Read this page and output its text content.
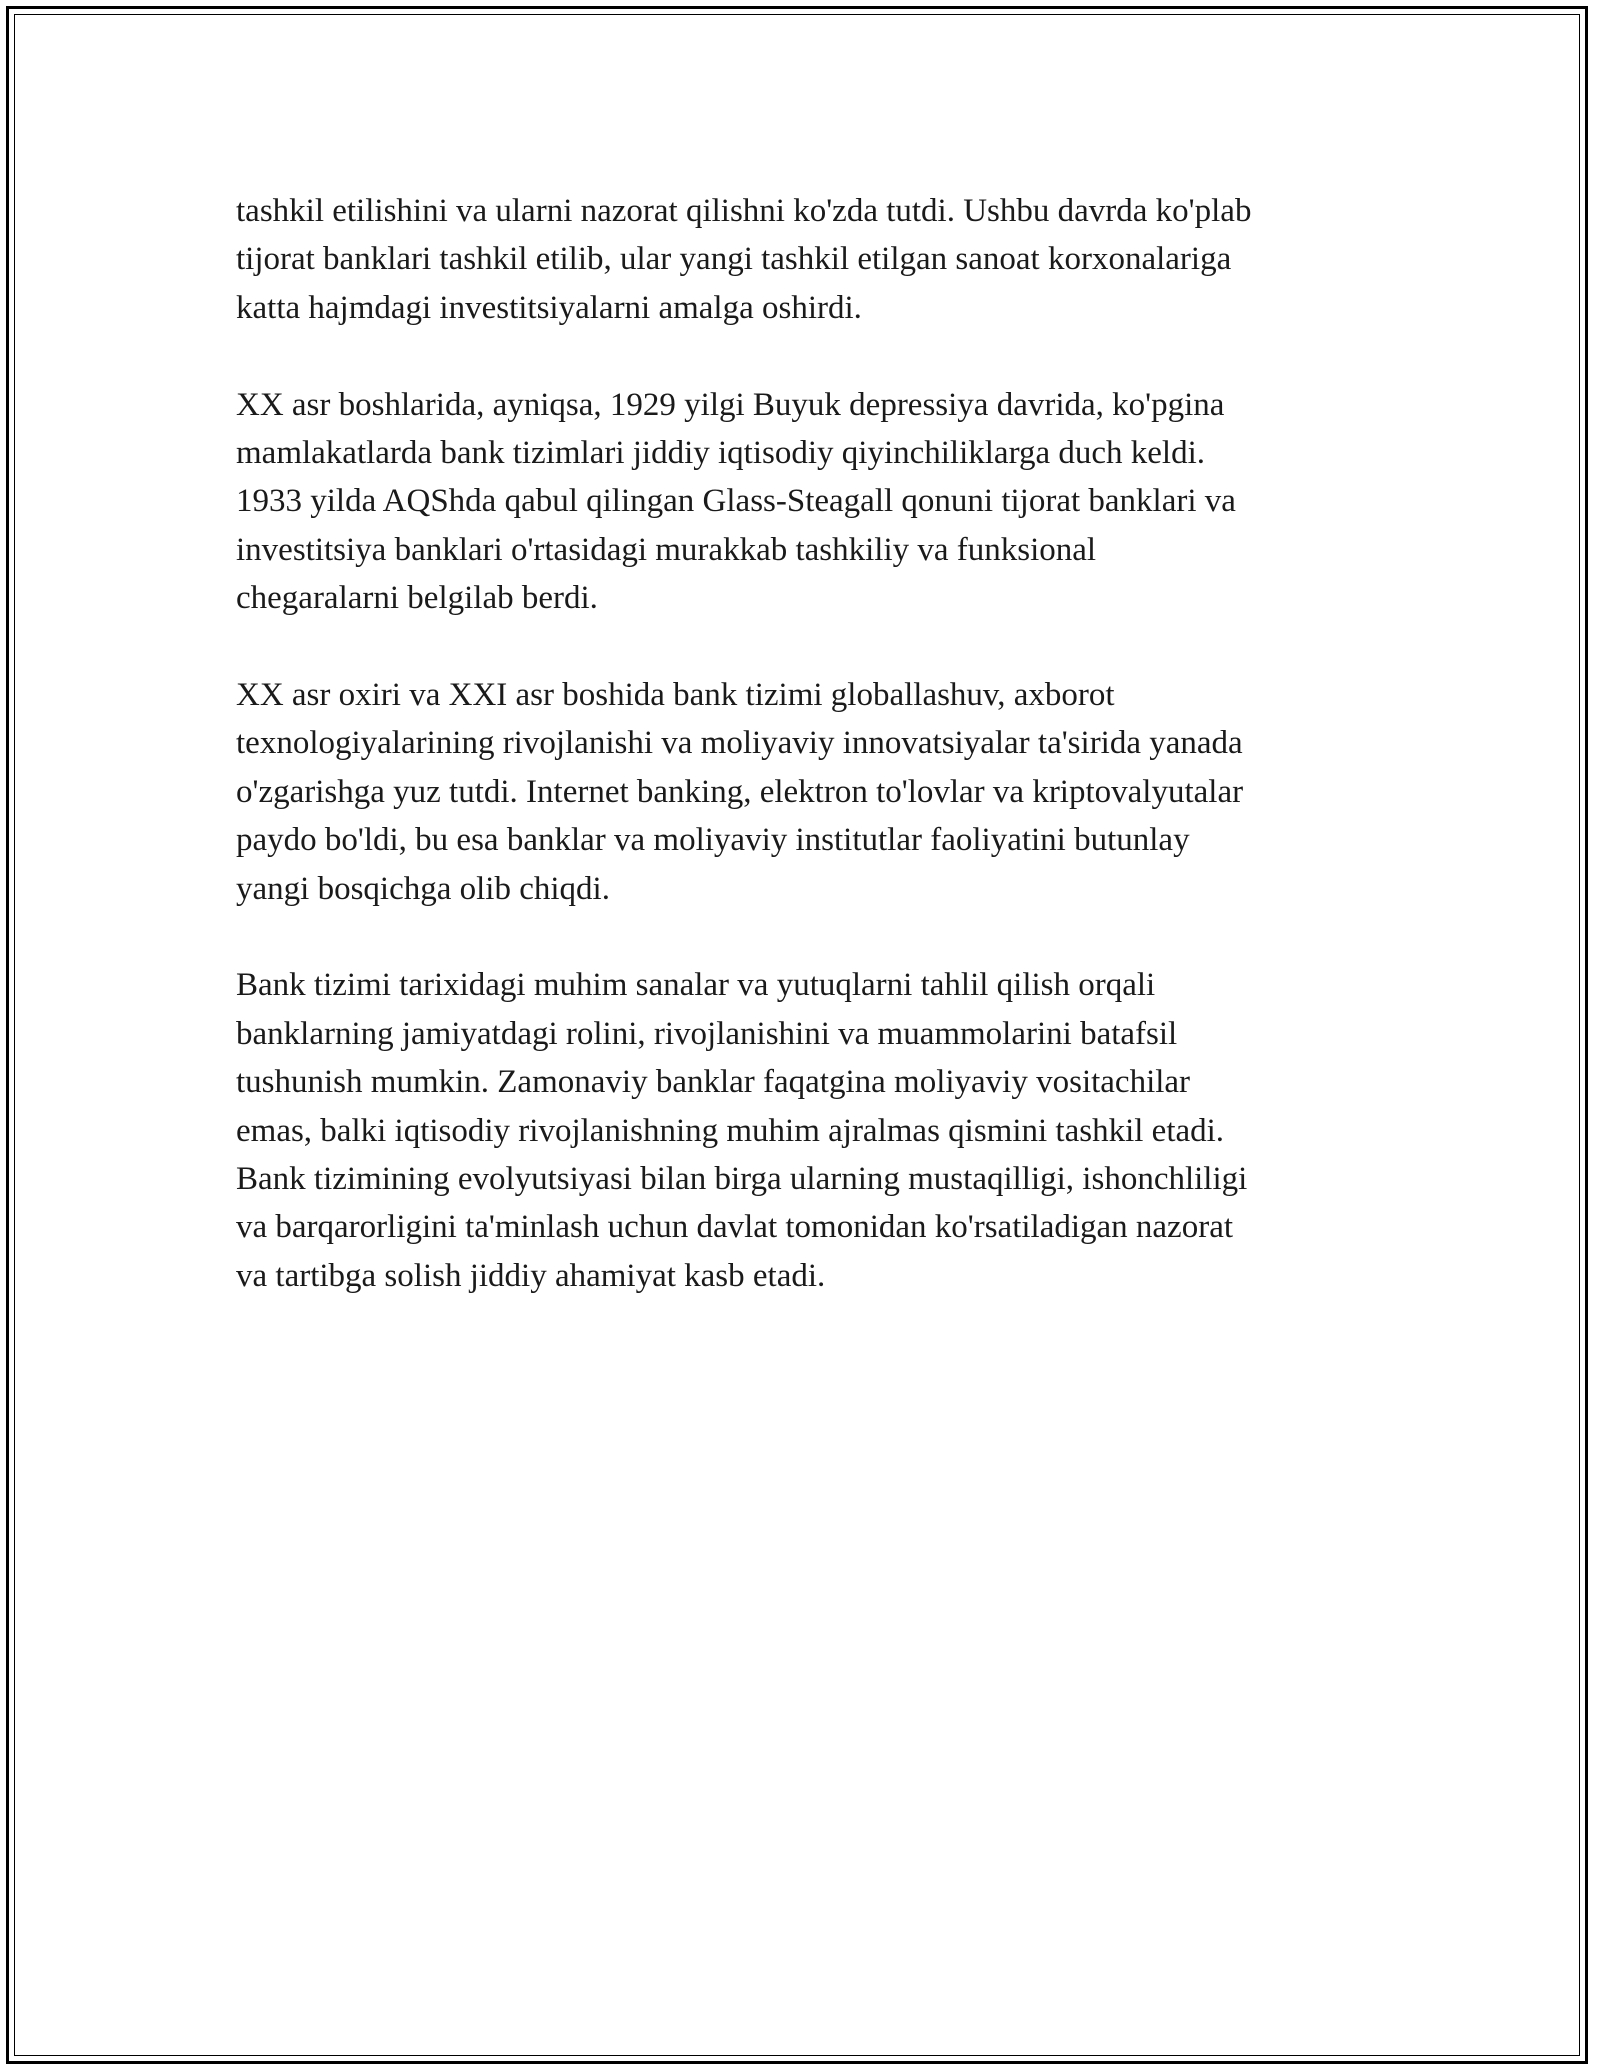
tashkil etilishini va ularni nazorat qilishni ko'zda tutdi. Ushbu davrda ko'plab
tijorat banklari tashkil etilib, ular yangi tashkil etilgan sanoat korxonalariga
katta hajmdagi investitsiyalarni amalga oshirdi.

XX asr boshlarida, ayniqsa, 1929 yilgi Buyuk depressiya davrida, ko'pgina
mamlakatlarda bank tizimlari jiddiy iqtisodiy qiyinchiliklarga duch keldi.
1933 yilda AQShda qabul qilingan Glass-Steagall qonuni tijorat banklari va
investitsiya banklari o'rtasidagi murakkab tashkiliy va funksional
chegaralarni belgilab berdi.

XX asr oxiri va XXI asr boshida bank tizimi globallashuv, axborot
texnologiyalarining rivojlanishi va moliyaviy innovatsiyalar ta'sirida yanada
o'zgarishga yuz tutdi. Internet banking, elektron to'lovlar va kriptovalyutalar
paydo bo'ldi, bu esa banklar va moliyaviy institutlar faoliyatini butunlay
yangi bosqichga olib chiqdi.

Bank tizimi tarixidagi muhim sanalar va yutuqlarni tahlil qilish orqali
banklarning jamiyatdagi rolini, rivojlanishini va muammolarini batafsil
tushunish mumkin. Zamonaviy banklar faqatgina moliyaviy vositachilar
emas, balki iqtisodiy rivojlanishning muhim ajralmas qismini tashkil etadi.
Bank tizimining evolyutsiyasi bilan birga ularning mustaqilligi, ishonchliligi
va barqarorligini ta'minlash uchun davlat tomonidan ko'rsatiladigan nazorat
va tartibga solish jiddiy ahamiyat kasb etadi.
